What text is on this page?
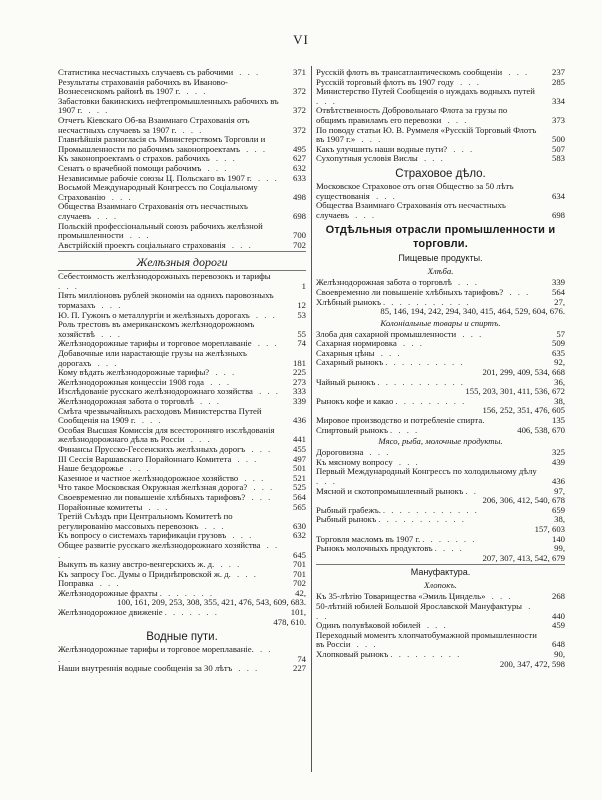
VI
Статистика несчастныхъ случаевъ съ рабочими . . .	371
Результаты страхованія рабочихъ въ Иваново-Вознесенскомъ районѣ въ 1907 г. . . .	372
Забастовки бакинскихъ нефтепромышленныхъ рабочихъ въ 1907 г. . . .	372
Отчетъ Кіевскаго Об-ва Взаимнаго Страхованія отъ несчастныхъ случаевъ за 1907 г. . . .	372
Главнѣйшія разногласія съ Министерствомъ Торговли и Промышленности по рабочимъ законопроектамъ . . .	495
Къ законопроектамъ о страхов. рабочихъ . . .	627
Сенатъ о врачебной помощи рабочимъ . . .	632
Независимые рабочіе союзы Ц. Польскаго въ 1907 г. . . . 633
Восьмой Международный Конгрессъ по Соціальному Страхованію . . .	498
Общества Взаимнаго Страхованія отъ несчастныхъ случаевъ . . .	698
Польскій профессіональный союзъ рабочихъ желѣзной промышленности . . .	700
Австрійскій проектъ соціальнаго страхованія . . .	702
Желѣзныя дороги
Себестоимость желѣзнодорожныхъ перевозокъ и тарифы . . .	1
Пять милліоновъ рублей экономіи на однихъ паровозныхъ тормазахъ . . .	12
Ю. П. Гужонъ о металлургіи и желѣзныхъ дорогахъ . . .	53
Роль трестовъ въ американскомъ желѣзнодорожномъ хозяйствѣ . . .	55
Желѣзнодорожные тарифы и торговое мореплаваніе . . . 74
Добавочные или нарастающіе грузы на желѣзныхъ дорогахъ . . .	181
Кому вѣдать желѣзнодорожные тарифы? . . .	225
Желѣзнодорожныя концессіи 1908 года . . .	273
Изслѣдованіе русскаго желѣзнодорожнаго хозяйства . . . 333
Желѣзнодорожная забота о торговлѣ . . .	339
Смѣта чрезвычайныхъ расходовъ Министерства Путей Сообщенія на 1909 г. . . .	436
Особая Высшая Комиссія для всесторонняго изслѣдованія желѣзнодорожнаго дѣла въ Россіи . . .	441
Финансы Прусско-Гессенскихъ желѣзныхъ дорогъ . . .	455
III Сессія Варшавскаго Порайоннаго Комитета . . .	497
Наше бездорожье . . .	501
Казенное и частное желѣзнодорожное хозяйство . . .	521
Что такое Московская Окружная желѣзная дорога? . . .	525
Своевременно ли повышеніе хлѣбныхъ тарифовъ? . . .	564
Порайонные комитеты . . .	565
Третій Съѣздъ при Центральномъ Комитетѣ по регулированію массовыхъ перевозокъ . . .	630
Къ вопросу о системахъ тарификаціи грузовъ . . .	632
Общее развитіе русскаго желѣзнодорожнаго хозяйства . . .	645
Выкупъ въ казну австро-венгерскихъ ж. д. . . .	701
Къ запросу Гос. Думы о Приднѣпровской ж. д. . . .	701
Поправка . . .	702
Желѣзнодорожные фрахты . . . . . . .	42,
100, 161, 209, 253, 308, 355, 421, 476, 543, 609, 683.
Желѣзнодорожное движеніе . . . . . . .	101,
478, 610.
Водные пути.
Желѣзнодорожные тарифы и торговое мореплаваніе. . . .	74
Наши внутреннія водные сообщенія за 30 лѣтъ . . .	227
Русскій флотъ въ трансатлантическомъ сообщеніи . . .	237
Русскій торговый флотъ въ 1907 году . . .	285
Министерство Путей Сообщенія о нуждахъ водныхъ путей . . .	334
Отвѣтственность Добровольнаго Флота за грузы по общимъ правиламъ его перевозки . . .	373
По поводу статьи Ю. В. Руммеля «Русскій Торговый Флотъ въ 1907 г.» . . .	500
Какъ улучшить наши водные пути? . . .	507
Сухопутныя условія Вислы . . .	583
Страховое дѣло.
Московское Страховое отъ огня Общество за 50 лѣтъ существованія . . .	634
Общества Взаимнаго Страхованія отъ несчастныхъ случаевъ . . .	698
Отдѣльныя отрасли промышленности и торговли.
Пищевые продукты.
Хлѣба.
Желѣзнодорожная забота о торговлѣ . . .	339
Своевременно ли повышеніе хлѣбныхъ тарифовъ? . . .	564
Хлѣбный рынокъ . . . . . . . . . . .	27,
85, 146, 194, 242, 294, 340, 415, 464, 529, 604, 676.
Колоніальные товары и спиртъ.
Злоба дня сахарной промышленности . . .	57
Сахарная нормировка . . .	509
Сахарныя цѣны . . .	635
Сахарный рынокъ . . . . . . . . . .	92,
201, 299, 409, 534, 668
Чайный рынокъ . . . . . . . . . . .	36,
155, 203, 301, 411, 536, 672
Рынокъ кофе и какао . . . . . . . . .	38,
156, 252, 351, 476, 605
Мировое производство и потребленіе спирта.	135
Спиртовый рынокъ . . . .	406, 538, 670
Мясо, рыба, молочные продукты.
Дороговизна . . .	325
Къ мясному вопросу . . .	439
Первый Международный Конгрессъ по холодильному дѣлу . . .	436
Мясной и скотопромышленный рынокъ . .	97,
206, 306, 412, 540, 678
Рыбный грабежъ. . . . . . . . . . . . .	659
Рыбный рынокъ . . . . . . . . . . .	38,
157, 603
Торговля масломъ въ 1907 г. . . . . . . .	140
Рынокъ молочныхъ продуктовъ . . . .	99,
207, 307, 413, 542, 679
Мануфактура.
Хлопокъ.
Къ 35-лѣтію Товарищества «Эмиль Циндель» . . .	268
50-лѣтній юбилей Большой Ярославской Мануфактуры . . .	440
Одинъ полувѣковой юбилей . . .	459
Переходный моментъ хлопчатобумажной промышленности въ Россіи . . .	648
Хлопковый рынокъ . . . . . . . . .	90,
200, 347, 472, 598
